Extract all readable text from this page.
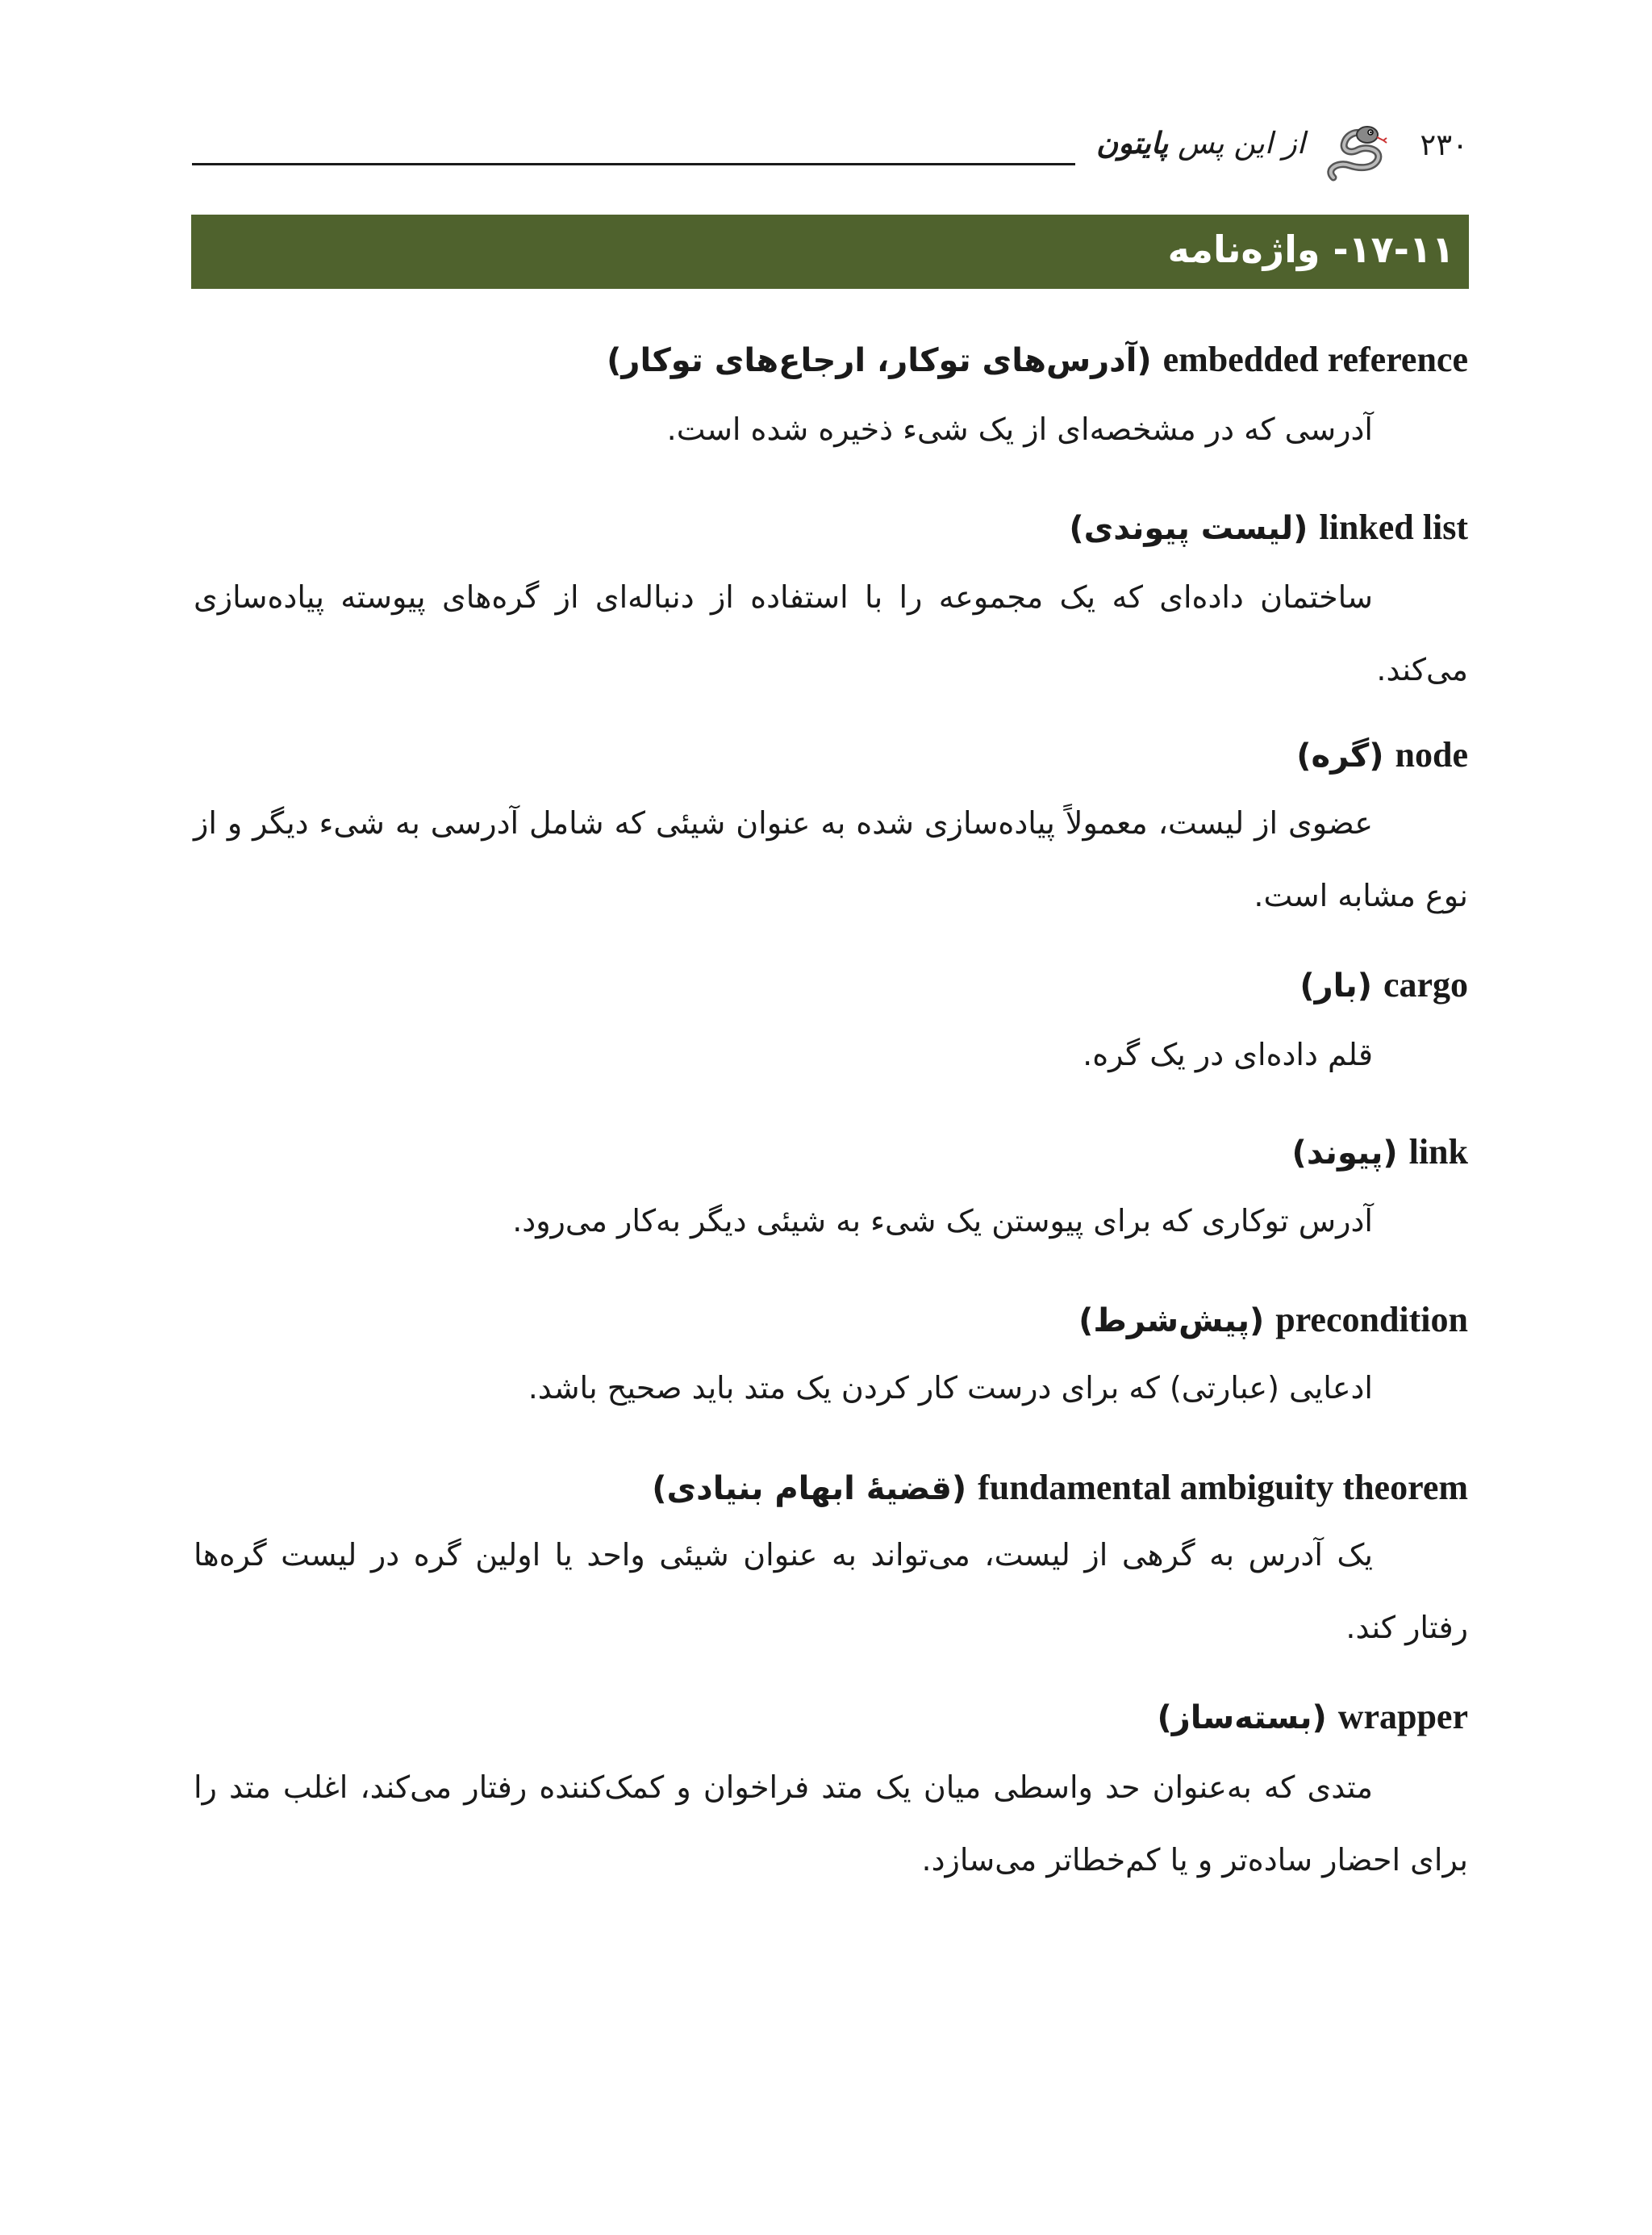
از این پس پایتون	۲۳۰
۱۷-۱۱- واژه‌نامه
embedded reference (آدرس‌های توکار، ارجاع‌های توکار)
آدرسی که در مشخصه‌ای از یک شیء ذخیره شده است.
linked list (لیست پیوندی)
ساختمان داده‌ای که یک مجموعه را با استفاده از دنباله‌ای از گره‌های پیوسته پیاده‌سازی می‌کند.
node (گره)
عضوی از لیست، معمولاً پیاده‌سازی شده به عنوان شیئی که شامل آدرسی به شیء دیگر و از نوع مشابه است.
cargo (بار)
قلم داده‌ای در یک گره.
link (پیوند)
آدرس توکاری که برای پیوستن یک شیء به شیئی دیگر به‌کار می‌رود.
precondition (پیش‌شرط)
ادعایی (عبارتی) که برای درست کار کردن یک متد باید صحیح باشد.
fundamental ambiguity theorem (قضیهٔ ابهام بنیادی)
یک آدرس به گرهی از لیست، می‌تواند به عنوان شیئی واحد یا اولین گره در لیست گره‌ها رفتار کند.
wrapper (بسته‌ساز)
متدی که به‌عنوان حد واسطی میان یک متد فراخوان و کمک‌کننده رفتار می‌کند، اغلب متد را برای احضار ساده‌تر و یا کم‌خطاتر می‌سازد.
